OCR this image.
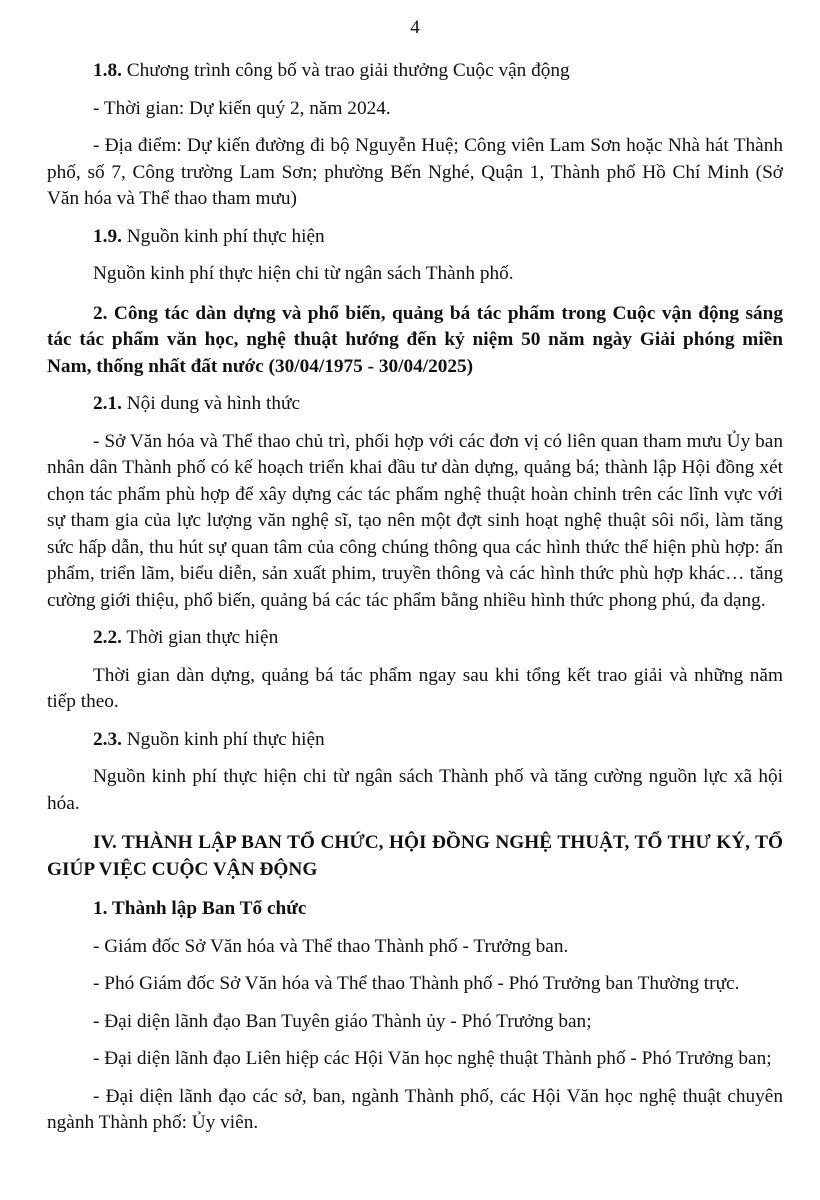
4

1.8. Chương trình công bố và trao giải thưởng Cuộc vận động

- Thời gian: Dự kiến quý 2, năm 2024.

- Địa điểm: Dự kiến đường đi bộ Nguyễn Huệ; Công viên Lam Sơn hoặc Nhà hát Thành phố, số 7, Công trường Lam Sơn; phường Bến Nghé, Quận 1, Thành phố Hồ Chí Minh (Sở Văn hóa và Thể thao tham mưu)

1.9. Nguồn kinh phí thực hiện

Nguồn kinh phí thực hiện chi từ ngân sách Thành phố.

2. Công tác dàn dựng và phổ biến, quảng bá tác phẩm trong Cuộc vận động sáng tác tác phẩm văn học, nghệ thuật hướng đến kỷ niệm 50 năm ngày Giải phóng miền Nam, thống nhất đất nước (30/04/1975 - 30/04/2025)

2.1. Nội dung và hình thức

- Sở Văn hóa và Thể thao chủ trì, phối hợp với các đơn vị có liên quan tham mưu Ủy ban nhân dân Thành phố có kế hoạch triển khai đầu tư dàn dựng, quảng bá; thành lập Hội đồng xét chọn tác phẩm phù hợp để xây dựng các tác phẩm nghệ thuật hoàn chỉnh trên các lĩnh vực với sự tham gia của lực lượng văn nghệ sĩ, tạo nên một đợt sinh hoạt nghệ thuật sôi nổi, làm tăng sức hấp dẫn, thu hút sự quan tâm của công chúng thông qua các hình thức thể hiện phù hợp: ấn phẩm, triển lãm, biểu diễn, sản xuất phim, truyền thông và các hình thức phù hợp khác… tăng cường giới thiệu, phổ biến, quảng bá các tác phẩm bằng nhiều hình thức phong phú, đa dạng.

2.2. Thời gian thực hiện

Thời gian dàn dựng, quảng bá tác phẩm ngay sau khi tổng kết trao giải và những năm tiếp theo.

2.3. Nguồn kinh phí thực hiện

Nguồn kinh phí thực hiện chi từ ngân sách Thành phố và tăng cường nguồn lực xã hội hóa.

IV. THÀNH LẬP BAN TỔ CHỨC, HỘI ĐỒNG NGHỆ THUẬT, TỔ THƯ KÝ, TỔ GIÚP VIỆC CUỘC VẬN ĐỘNG

1. Thành lập Ban Tổ chức

- Giám đốc Sở Văn hóa và Thể thao Thành phố - Trưởng ban.

- Phó Giám đốc Sở Văn hóa và Thể thao Thành phố - Phó Trưởng ban Thường trực.

- Đại diện lãnh đạo Ban Tuyên giáo Thành ủy - Phó Trưởng ban;

- Đại diện lãnh đạo Liên hiệp các Hội Văn học nghệ thuật Thành phố - Phó Trưởng ban;

- Đại diện lãnh đạo các sở, ban, ngành Thành phố, các Hội Văn học nghệ thuật chuyên ngành Thành phố: Ủy viên.
